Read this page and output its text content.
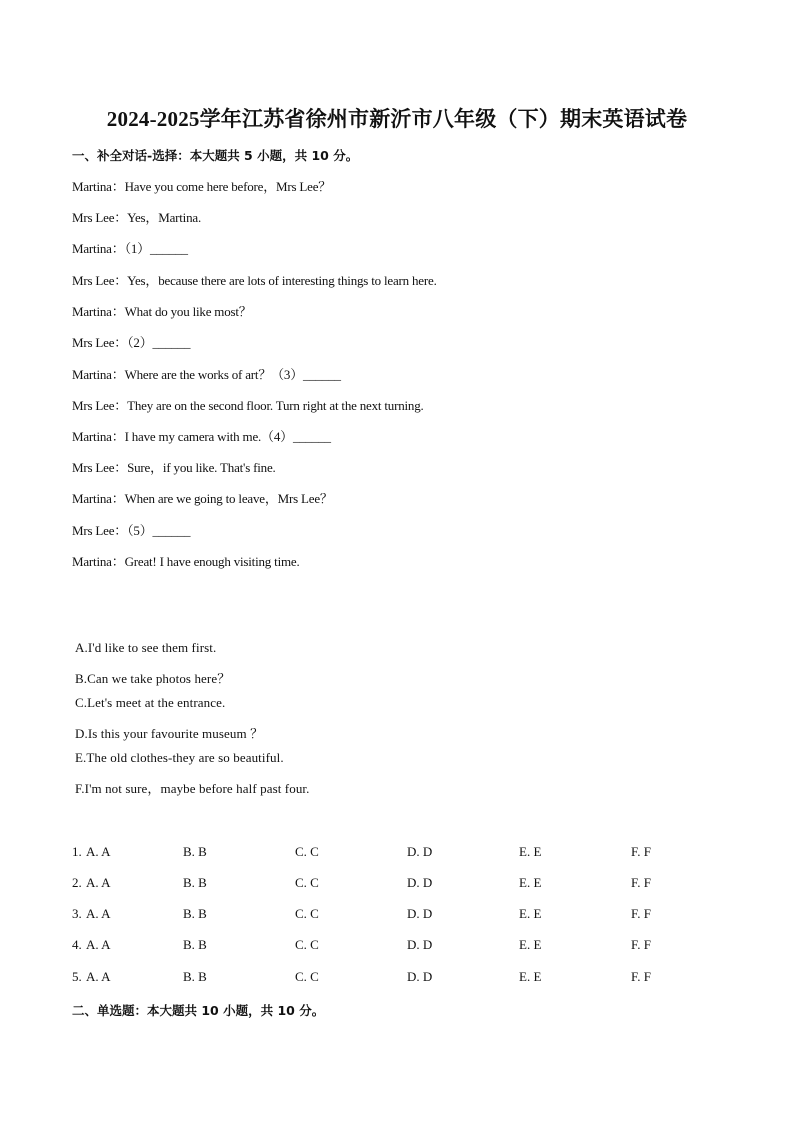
2024-2025学年江苏省徐州市新沂市八年级（下）期末英语试卷
一、补全对话-选择：本大题共 5 小题，共 10 分。
Martina：Have you come here before，Mrs Lee？
Mrs Lee：Yes，Martina.
Martina：（1）______
Mrs Lee：Yes，because there are lots of interesting things to learn here.
Martina：What do you like most？
Mrs Lee：（2）______
Martina：Where are the works of art？（3）______
Mrs Lee：They are on the second floor. Turn right at the next turning.
Martina：I have my camera with me.（4）______
Mrs Lee：Sure，if you like. That's fine.
Martina：When are we going to leave，Mrs Lee？
Mrs Lee：（5）______
Martina：Great! I have enough visiting time.
A.I'd like to see them first.
B.Can we take photos here？
C.Let's meet at the entrance.
D.Is this your favourite museum ？
E.The old clothes-they are so beautiful.
F.I'm not sure，maybe before half past four.
1. A. A	B. B	C. C	D. D	E. E	F. F
2. A. A	B. B	C. C	D. D	E. E	F. F
3. A. A	B. B	C. C	D. D	E. E	F. F
4. A. A	B. B	C. C	D. D	E. E	F. F
5. A. A	B. B	C. C	D. D	E. E	F. F
二、单选题：本大题共 10 小题，共 10 分。
